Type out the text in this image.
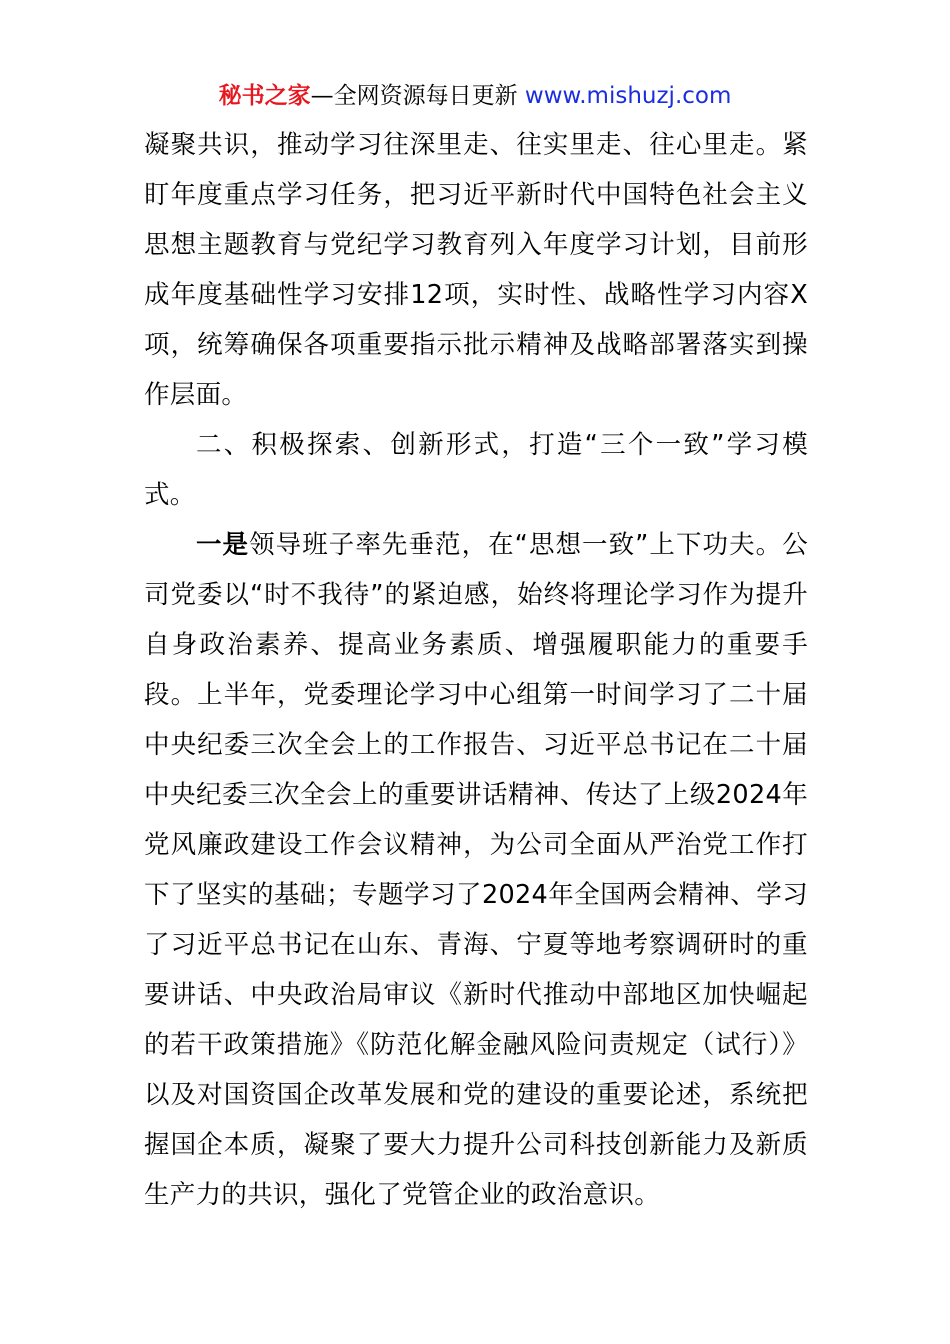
秘书之家—全网资源每日更新 www.mishuzj.com

凝聚共识，推动学习往深里走、往实里走、往心里走。紧盯年度重点学习任务，把习近平新时代中国特色社会主义思想主题教育与党纪学习教育列入年度学习计划，目前形成年度基础性学习安排12项，实时性、战略性学习内容X项，统筹确保各项重要指示批示精神及战略部署落实到操作层面。

二、积极探索、创新形式，打造“三个一致”学习模式。

一是领导班子率先垂范，在“思想一致”上下功夫。公司党委以“时不我待”的紧迫感，始终将理论学习作为提升自身政治素养、提高业务素质、增强履职能力的重要手段。上半年，党委理论学习中心组第一时间学习了二十届中央纪委三次全会上的工作报告、习近平总书记在二十届中央纪委三次全会上的重要讲话精神、传达了上级2024年党风廉政建设工作会议精神，为公司全面从严治党工作打下了坚实的基础；专题学习了2024年全国两会精神、学习了习近平总书记在山东、青海、宁夏等地考察调研时的重要讲话、中央政治局审议《新时代推动中部地区加快崛起的若干政策措施》《防范化解金融风险问责规定（试行）》以及对国资国企改革发展和党的建设的重要论述，系统把握国企本质，凝聚了要大力提升公司科技创新能力及新质生产力的共识，强化了党管企业的政治意识。
